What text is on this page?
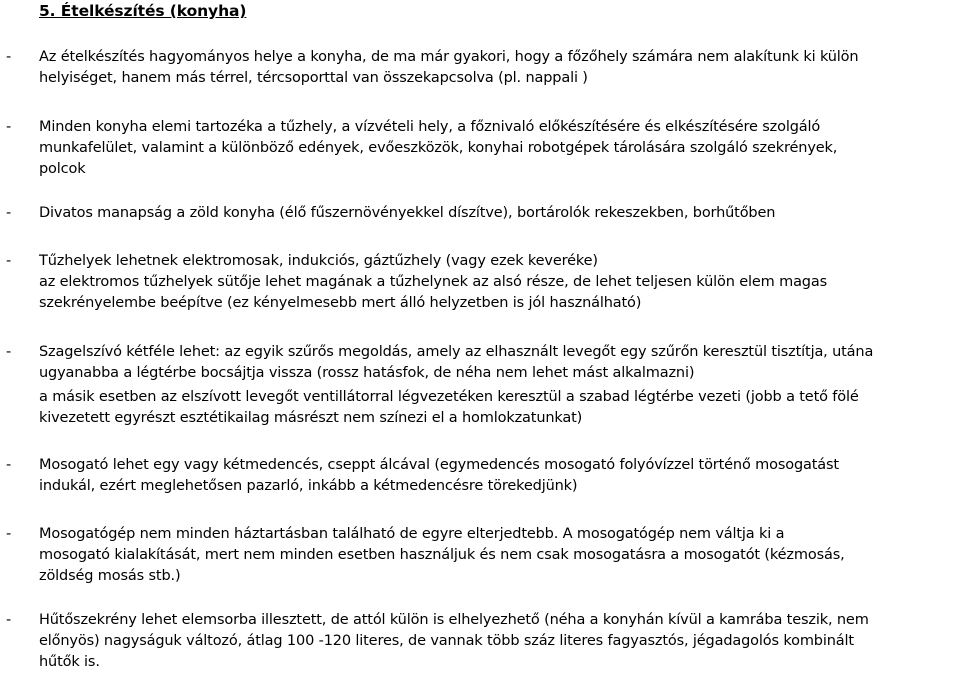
5. Ételkészítés (konyha)
- Az ételkészítés hagyományos helye a konyha, de ma már gyakori, hogy a főzőhely számára nem alakítunk ki külön
helyiséget, hanem más térrel, tércsoporttal van összekapcsolva (pl. nappali )
- Minden konyha elemi tartozéka a tűzhely, a vízvételi hely, a főznivaló előkészítésére és elkészítésére szolgáló
munkafelület, valamint a különböző edények, evőeszközök, konyhai robotgépek tárolására szolgáló szekrények,
polcok
- Divatos manapság a zöld konyha (élő fűszernövényekkel díszítve), bortárolók rekeszekben, borhűtőben
- Tűzhelyek lehetnek elektromosak, indukciós, gáztűzhely (vagy ezek keveréke)
az elektromos tűzhelyek sütője lehet magának a tűzhelynek az alsó része, de lehet teljesen külön elem magas
szekrényelembe beépítve (ez kényelmesebb mert álló helyzetben is jól használható)
- Szagelszívó kétféle lehet: az egyik szűrős megoldás, amely az elhasznált levegőt egy szűrőn keresztül tisztítja, utána
ugyanabba a légtérbe bocsájtja vissza (rossz hatásfok, de néha nem lehet mást alkalmazni)
a másik esetben az elszívott levegőt ventillátorral légvezetéken keresztül a szabad légtérbe vezeti (jobb a tető fölé
kivezetett egyrészt esztétikailag másrészt nem színezi el a homlokzatunkat)
- Mosogató lehet egy vagy kétmedencés, cseppt álcával (egymedencés mosogató folyóvízzel történő mosogatást
indukál, ezért meglehetősen pazarló, inkább a kétmedencésre törekedjünk)
- Mosogatógép nem minden háztartásban található de egyre elterjedtebb. A mosogatógép nem váltja ki a
mosogató kialakítását, mert nem minden esetben használjuk és nem csak mosogatásra a mosogatót (kézmosás,
zöldség mosás stb.)
- Hűtőszekrény lehet elemsorba illesztett, de attól külön is elhelyezhető (néha a konyhán kívül a kamrába teszik, nem
előnyös) nagyságuk változó, átlag 100 -120 literes, de vannak több száz literes fagyasztós, jégadagolós kombinált
hűtők is.
